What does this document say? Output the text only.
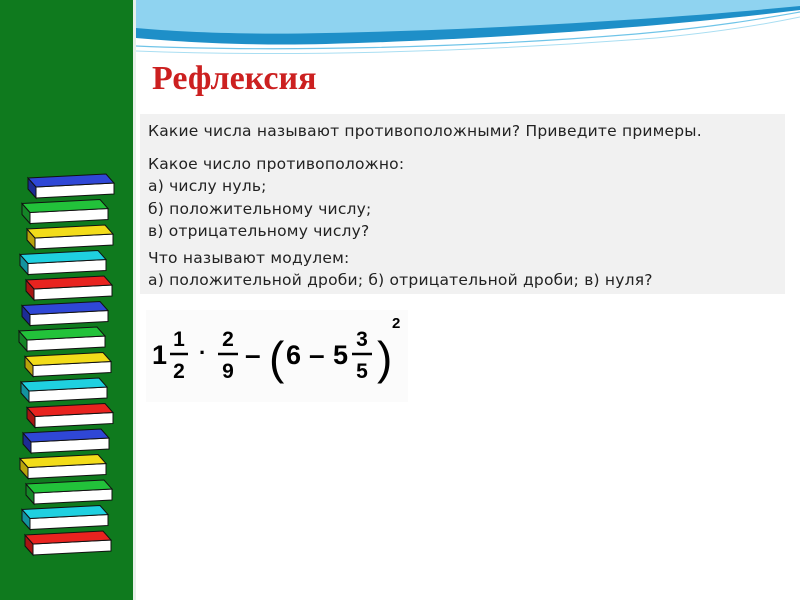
Рефлексия

Какие числа называют противоположными? Приведите примеры.

Какое число противоположно:

а) числу нуль;

б) положительному числу;

в) отрицательному числу?

Что называют модулем:

а) положительной дроби; б) отрицательной дроби; в) нуля?

1
1
2
·
2
9
– ( 6 – 5
3
5 )
2
